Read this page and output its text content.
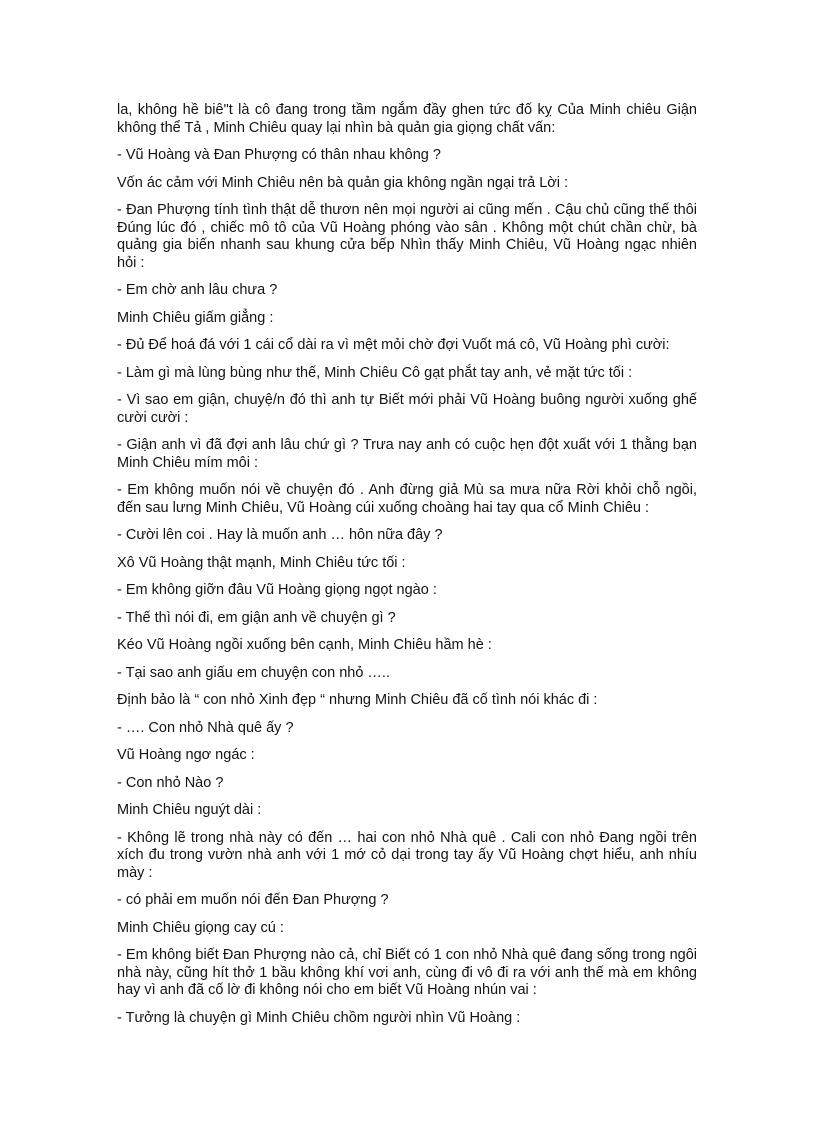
la, không hề biê"t là cô đang trong tầm ngắm đầy ghen tức đố kỵ Của Minh chiêu Giận không thể Tả , Minh Chiêu quay lại nhìn bà quản gia giọng chất vấn:

- Vũ Hoàng và Đan Phượng có thân nhau không ?

Vốn ác cảm với Minh Chiêu nên bà quản gia không ngần ngại trả Lời :

- Đan Phượng tính tình thật dễ thươn nên mọi người ai cũng mến . Cậu chủ cũng thế thôi Đúng lúc đó , chiếc mô tô của Vũ Hoàng phóng vào sân . Không một chút chần chừ, bà quảng gia biến nhanh sau khung cửa bếp Nhìn thấy Minh Chiêu, Vũ Hoàng ngạc nhiên hỏi :

- Em chờ anh lâu chưa ?

Minh Chiêu giấm giẳng :

- Đủ Để hoá đá với 1 cái cổ dài ra vì mệt mỏi chờ đợi Vuốt má cô, Vũ Hoàng phì cười:

- Làm gì mà lùng bùng như thế, Minh Chiêu Cô gạt phắt tay anh, vẻ mặt tức tối :

- Vì sao em giận, chuyệ/n đó thì anh tự Biết mới phải Vũ Hoàng buông người xuống ghế cười cười :

- Giận anh vì đã đợi anh lâu chứ gì ? Trưa nay anh có cuộc hẹn đột xuất với 1 thằng bạn Minh Chiêu mím môi :

- Em không muốn nói về chuyện đó . Anh đừng giả Mù sa mưa nữa Rời khỏi chỗ ngồi, đến sau lưng Minh Chiêu, Vũ Hoàng cúi xuống choàng hai tay qua cổ Minh Chiêu :

- Cười lên coi . Hay là muốn anh … hôn nữa đây ?

Xô Vũ Hoàng thật mạnh, Minh Chiêu tức tối :

- Em không giỡn đâu Vũ Hoàng giọng ngọt ngào :

- Thế thì nói đi, em giận anh về chuyện gì ?

Kéo Vũ Hoàng ngồi xuống bên cạnh, Minh Chiêu hầm hè :

- Tại sao anh giấu em chuyện con nhỏ …..

Định bảo là “ con nhỏ Xinh đẹp “ nhưng Minh Chiêu đã cố tình nói khác đi :

- …. Con nhỏ Nhà quê ấy ?

Vũ Hoàng ngơ ngác :

- Con nhỏ Nào ?

Minh Chiêu nguýt dài :

- Không lẽ trong nhà này có đến … hai con nhỏ Nhà quê . Cali con nhỏ Đang ngồi trên xích đu trong vườn nhà anh với 1 mớ cỏ dại trong tay ấy Vũ Hoàng chợt hiểu, anh nhíu mày :

- có phải em muốn nói đến Đan Phượng ?

Minh Chiêu giọng cay cú :

- Em không biết Đan Phượng nào cả, chỉ Biết có 1 con nhỏ Nhà quê đang sống trong ngôi nhà này, cũng hít thở 1 bầu không khí vơi anh, cùng đi vô đi ra với anh thế mà em không hay vì anh đã cố lờ đi không nói cho em biết Vũ Hoàng nhún vai :

- Tưởng là chuyện gì Minh Chiêu chồm người nhìn Vũ Hoàng :
